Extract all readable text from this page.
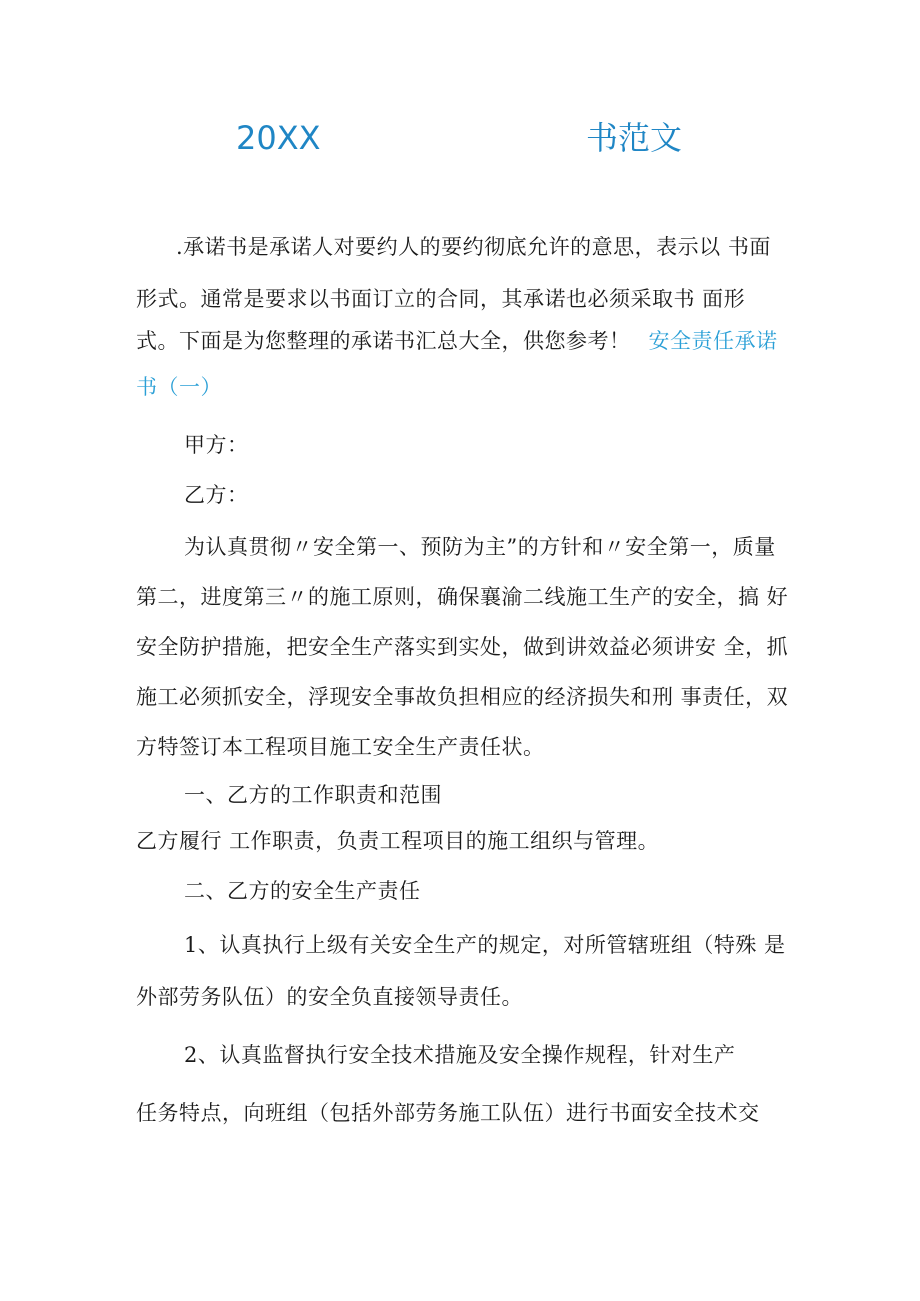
20XX	书范文
.承诺书是承诺人对要约人的要约彻底允许的意思，表示以 书面
形式。通常是要求以书面订立的合同，其承诺也必须采取书 面形
式。下面是为您整理的承诺书汇总大全，供您参考！ 安全责任承诺
书（一）
甲方：
乙方：
为认真贯彻〃安全第一、预防为主”的方针和〃安全第一，质量
第二，进度第三〃的施工原则，确保襄渝二线施工生产的安全，搞 好
安全防护措施，把安全生产落实到实处，做到讲效益必须讲安 全，抓
施工必须抓安全，浮现安全事故负担相应的经济损失和刑 事责任，双
方特签订本工程项目施工安全生产责任状。
一、乙方的工作职责和范围
乙方履行 工作职责，负责工程项目的施工组织与管理。
二、乙方的安全生产责任
1、认真执行上级有关安全生产的规定，对所管辖班组（特殊 是
外部劳务队伍）的安全负直接领导责任。
2、认真监督执行安全技术措施及安全操作规程，针对生产
任务特点，向班组（包括外部劳务施工队伍）进行书面安全技术交
